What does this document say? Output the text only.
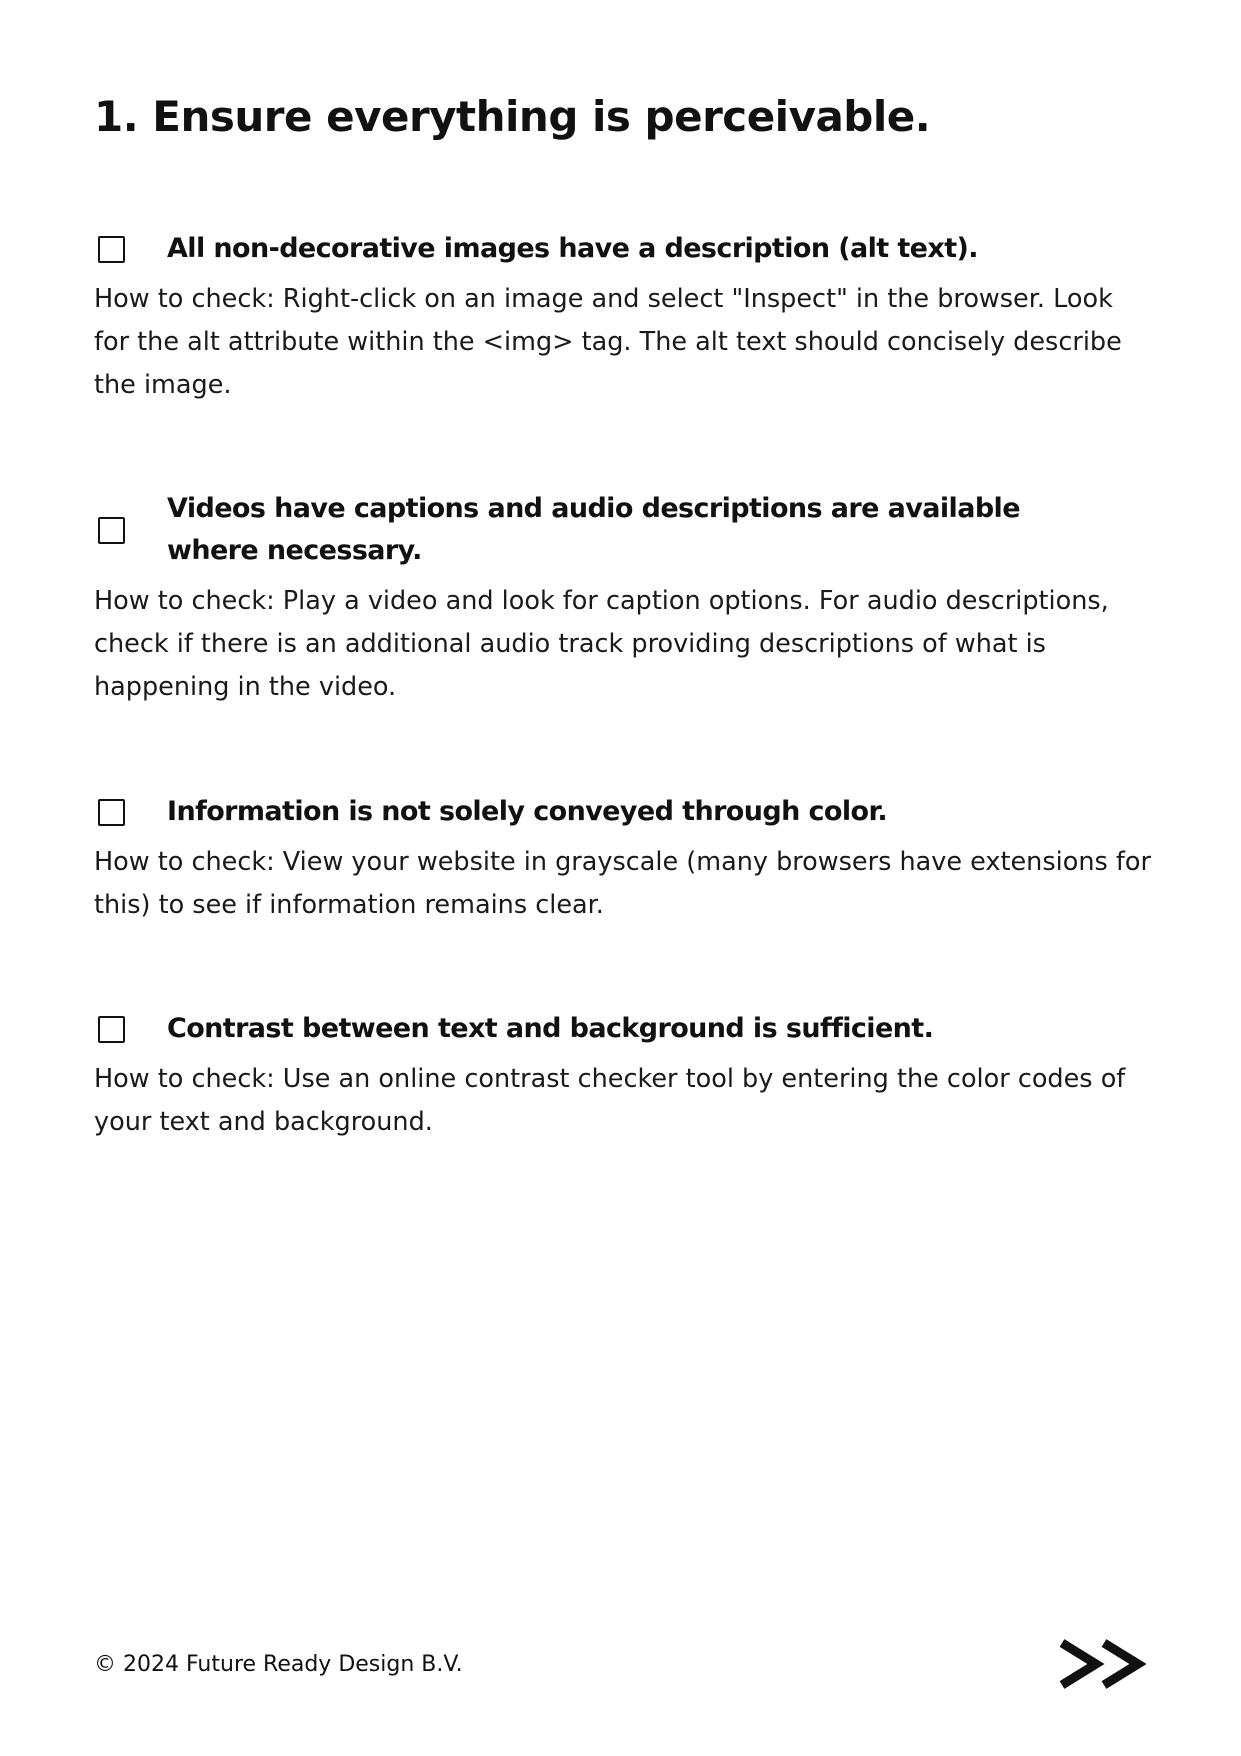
1. Ensure everything is perceivable.
All non-decorative images have a description (alt text).

How to check: Right-click on an image and select "Inspect" in the browser. Look for the alt attribute within the <img> tag. The alt text should concisely describe the image.

Videos have captions and audio descriptions are available where necessary.

How to check: Play a video and look for caption options. For audio descriptions, check if there is an additional audio track providing descriptions of what is happening in the video.

Information is not solely conveyed through color.

How to check: View your website in grayscale (many browsers have extensions for this) to see if information remains clear.

Contrast between text and background is sufficient.

How to check: Use an online contrast checker tool by entering the color codes of your text and background.

© 2024 Future Ready Design B.V.
